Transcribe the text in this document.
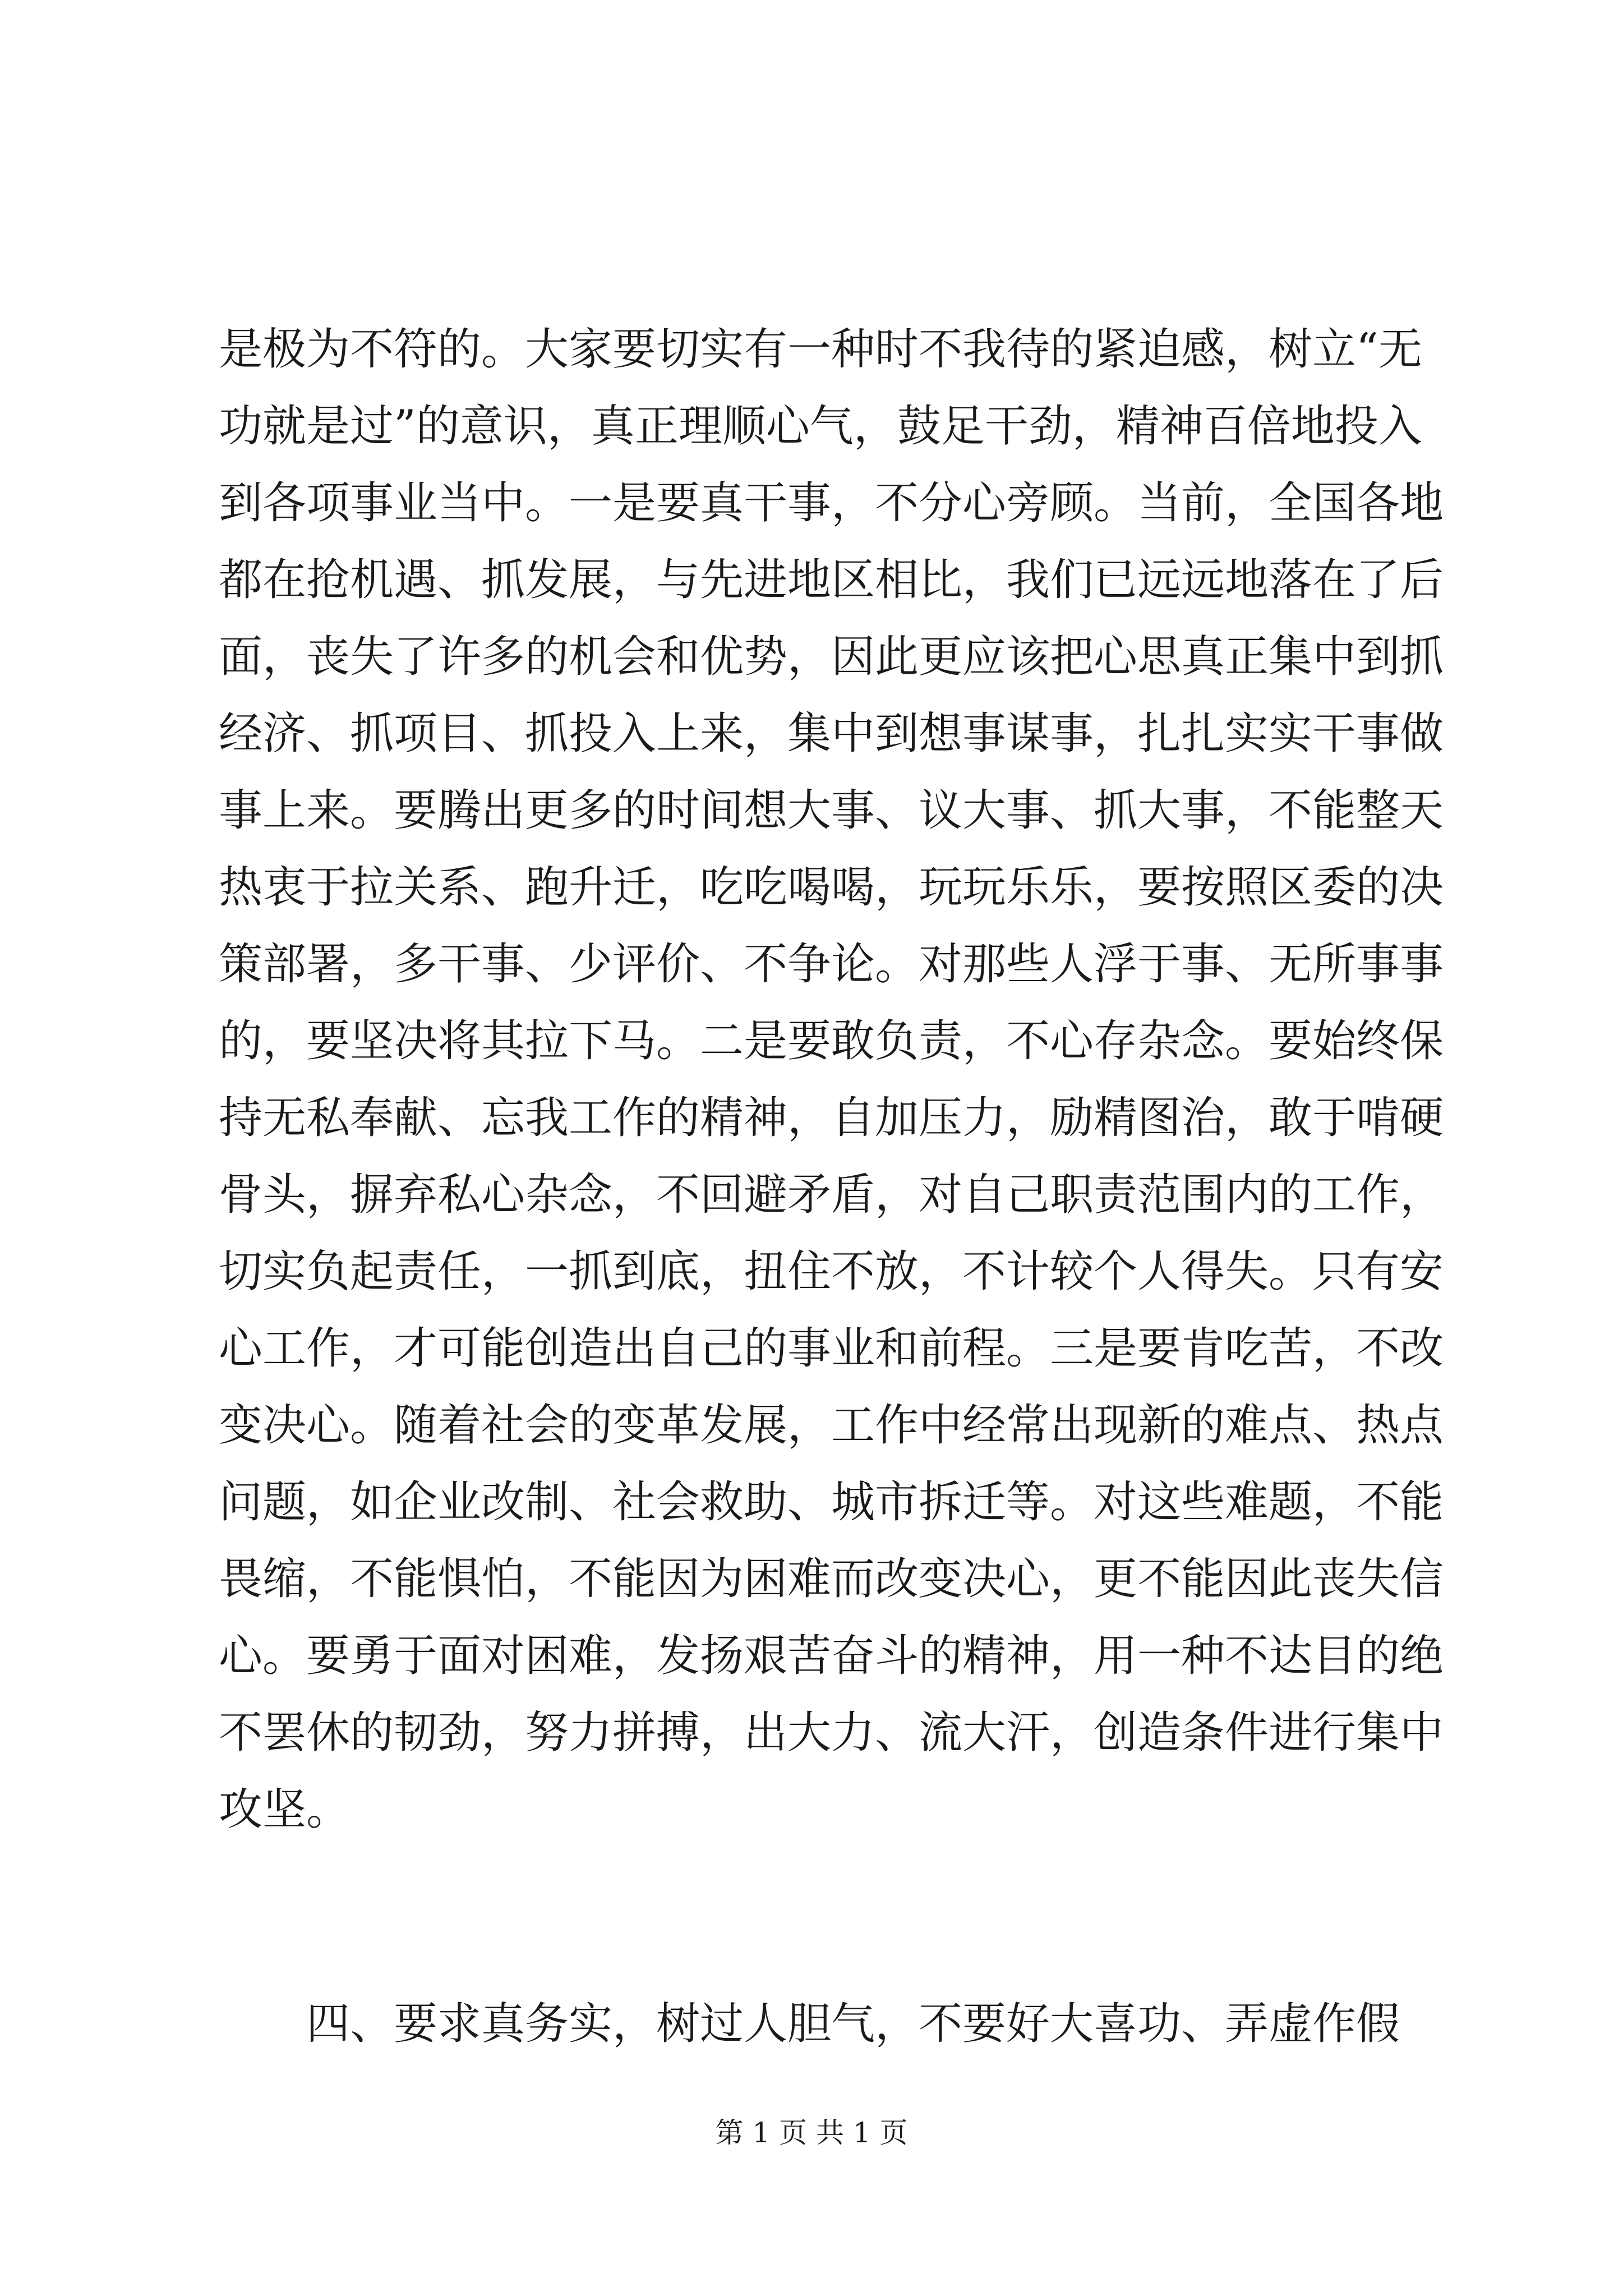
是极为不符的。大家要切实有一种时不我待的紧迫感，树立“无
功就是过”的意识，真正理顺心气，鼓足干劲，精神百倍地投入
到各项事业当中。一是要真干事，不分心旁顾。当前，全国各地
都在抢机遇、抓发展，与先进地区相比，我们已远远地落在了后
面，丧失了许多的机会和优势，因此更应该把心思真正集中到抓
经济、抓项目、抓投入上来，集中到想事谋事，扎扎实实干事做
事上来。要腾出更多的时间想大事、议大事、抓大事，不能整天
热衷于拉关系、跑升迁，吃吃喝喝，玩玩乐乐，要按照区委的决
策部署，多干事、少评价、不争论。对那些人浮于事、无所事事
的，要坚决将其拉下马。二是要敢负责，不心存杂念。要始终保
持无私奉献、忘我工作的精神，自加压力，励精图治，敢于啃硬
骨头，摒弃私心杂念，不回避矛盾，对自己职责范围内的工作，
切实负起责任，一抓到底，扭住不放，不计较个人得失。只有安
心工作，才可能创造出自己的事业和前程。三是要肯吃苦，不改
变决心。随着社会的变革发展，工作中经常出现新的难点、热点
问题，如企业改制、社会救助、城市拆迁等。对这些难题，不能
畏缩，不能惧怕，不能因为困难而改变决心，更不能因此丧失信
心。要勇于面对困难，发扬艰苦奋斗的精神，用一种不达目的绝
不罢休的韧劲，努力拼搏，出大力、流大汗，创造条件进行集中
攻坚。
四、要求真务实，树过人胆气，不要好大喜功、弄虚作假
第 1 页 共 1 页
